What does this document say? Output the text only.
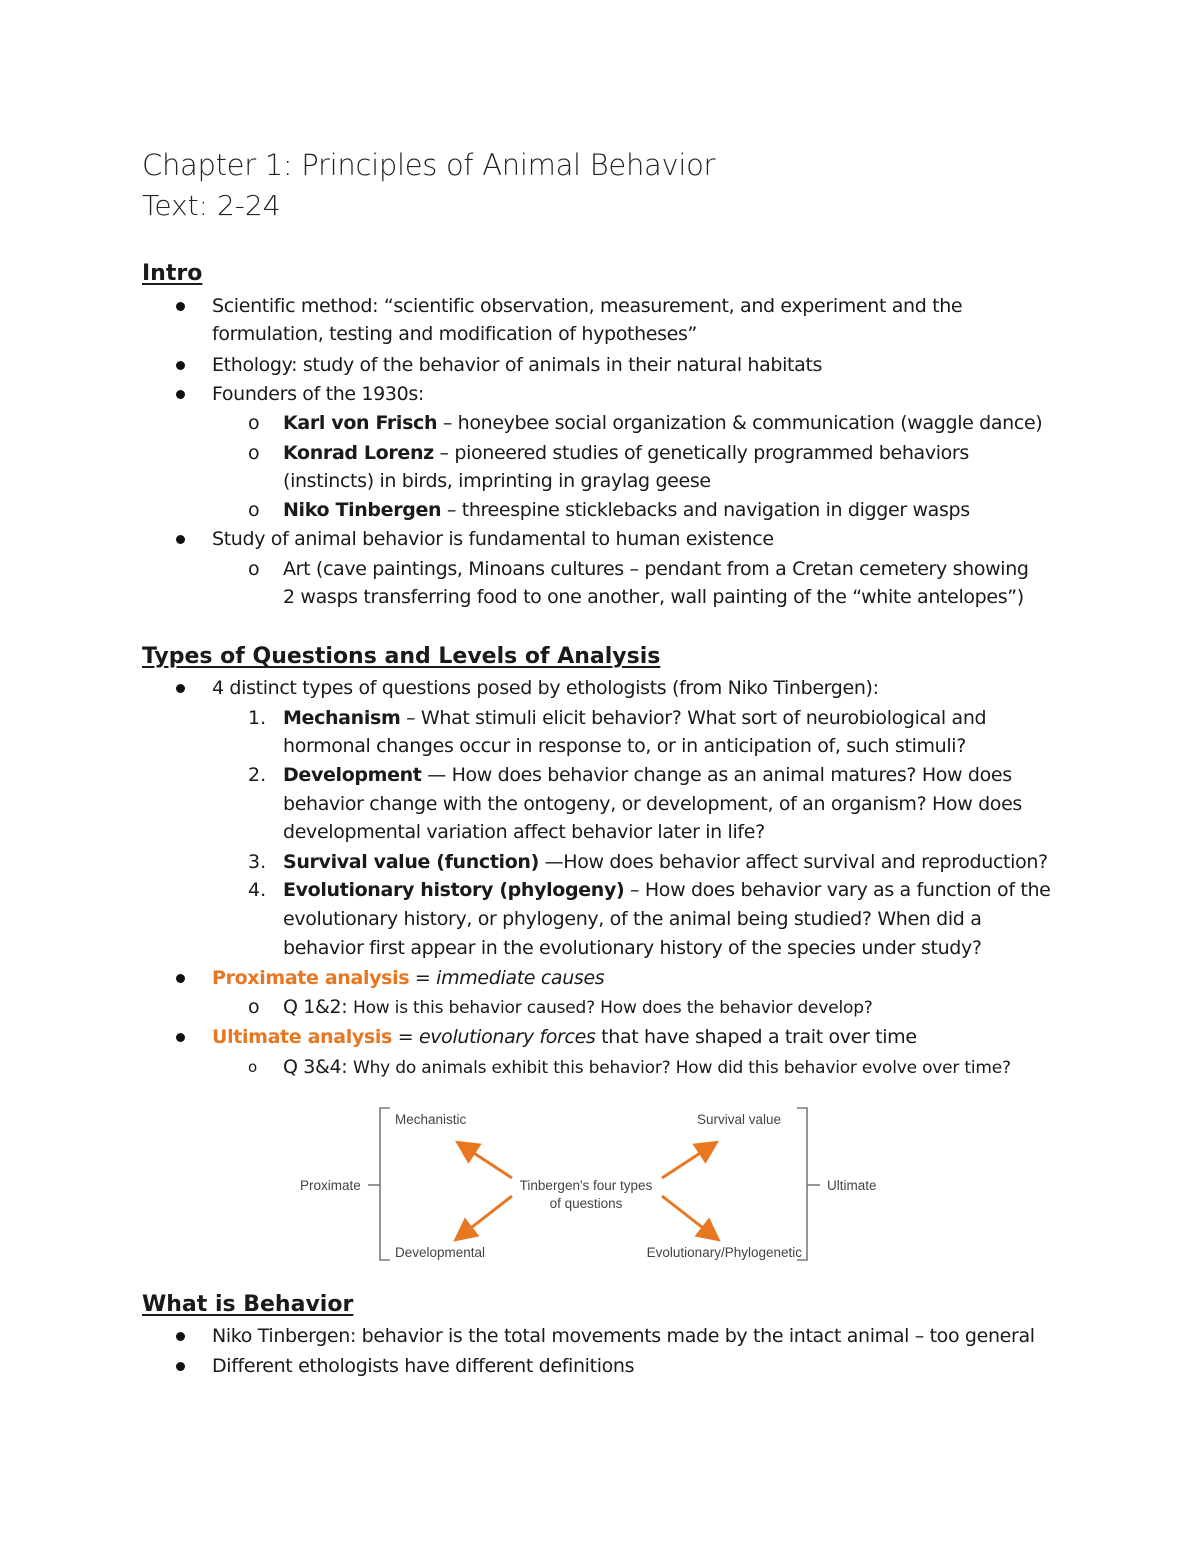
Chapter 1: Principles of Animal Behavior
Text: 2-24
Intro
Scientific method: “scientific observation, measurement, and experiment and the
formulation, testing and modification of hypotheses”
Ethology: study of the behavior of animals in their natural habitats
Founders of the 1930s:
o Karl von Frisch – honeybee social organization & communication (waggle dance)
o Konrad Lorenz – pioneered studies of genetically programmed behaviors
(instincts) in birds, imprinting in graylag geese
o Niko Tinbergen – threespine sticklebacks and navigation in digger wasps
Study of animal behavior is fundamental to human existence
o Art (cave paintings, Minoans cultures – pendant from a Cretan cemetery showing
2 wasps transferring food to one another, wall painting of the “white antelopes”)
Types of Questions and Levels of Analysis
4 distinct types of questions posed by ethologists (from Niko Tinbergen):
1. Mechanism – What stimuli elicit behavior? What sort of neurobiological and
hormonal changes occur in response to, or in anticipation of, such stimuli?
2. Development — How does behavior change as an animal matures? How does
behavior change with the ontogeny, or development, of an organism? How does
developmental variation affect behavior later in life?
3. Survival value (function) —How does behavior affect survival and reproduction?
4. Evolutionary history (phylogeny) – How does behavior vary as a function of the
evolutionary history, or phylogeny, of the animal being studied? When did a
behavior first appear in the evolutionary history of the species under study?
Proximate analysis = immediate causes
o Q 1&2: How is this behavior caused? How does the behavior develop?
Ultimate analysis = evolutionary forces that have shaped a trait over time
o Q 3&4: Why do animals exhibit this behavior? How did this behavior evolve over time?
Mechanistic
Developmental
Survival value
Evolutionary/Phylogenetic
Proximate	Ultimate
Tinbergen's four types
of questions
What is Behavior
Niko Tinbergen: behavior is the total movements made by the intact animal – too general
Different ethologists have different definitions
